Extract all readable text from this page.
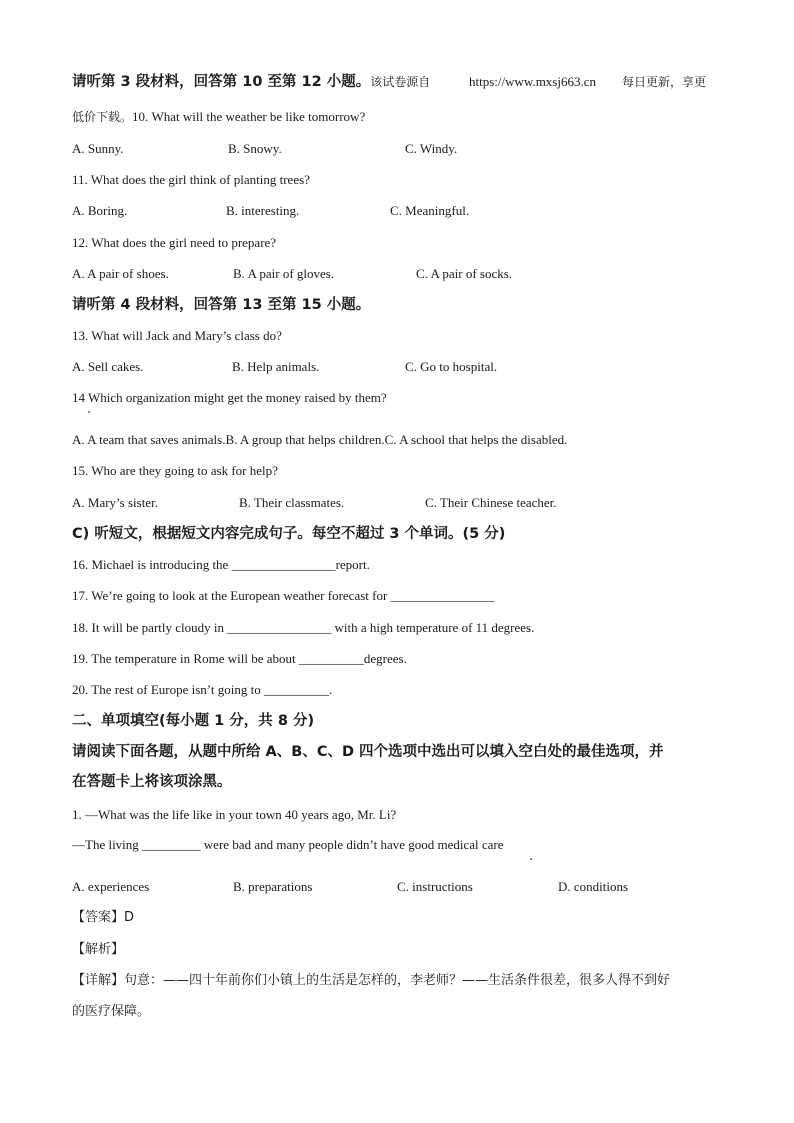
请听第 3 段材料，回答第 10 至第 12 小题。该试卷源自	https://www.mxsj663.cn 每日更新，享更
低价下载。10. What will the weather be like tomorrow?
A. Sunny.	B. Snowy.	C. Windy.
11. What does the girl think of planting trees?
A. Boring.	B. interesting.	C. Meaningful.
12. What does the girl need to prepare?
A. A pair of shoes.	B. A pair of gloves.	C. A pair of socks.
请听第 4 段材料，回答第 13 至第 15 小题。
13. What will Jack and Mary’s class do?
A. Sell cakes.	B. Help animals.	C. Go to hospital.
14 Which organization might get the money raised by them?
A. A team that saves animals.B. A group that helps children.C. A school that helps the disabled.
15. Who are they going to ask for help?
A. Mary’s sister.	B. Their classmates.	C. Their Chinese teacher.
C) 听短文，根据短文内容完成句子。每空不超过 3 个单词。(5 分)
16. Michael is introducing the ________________report.
17. We’re going to look at the European weather forecast for ________________
18. It will be partly cloudy in ________________ with a high temperature of 11 degrees.
19. The temperature in Rome will be about __________degrees.
20. The rest of Europe isn’t going to __________.
二、单项填空(每小题 1 分，共 8 分)
请阅读下面各题，从题中所给 A、B、C、D 四个选项中选出可以填入空白处的最佳选项，并
在答题卡上将该项涂黑。
1. —What was the life like in your town 40 years ago, Mr. Li?
—The living _________ were bad and many people didn’t have good medical care
A. experiences	B. preparations	C. instructions	D. conditions
【答案】D
【解析】
【详解】句意：——四十年前你们小镇上的生活是怎样的，李老师？——生活条件很差，很多人得不到好
的医疗保障。
